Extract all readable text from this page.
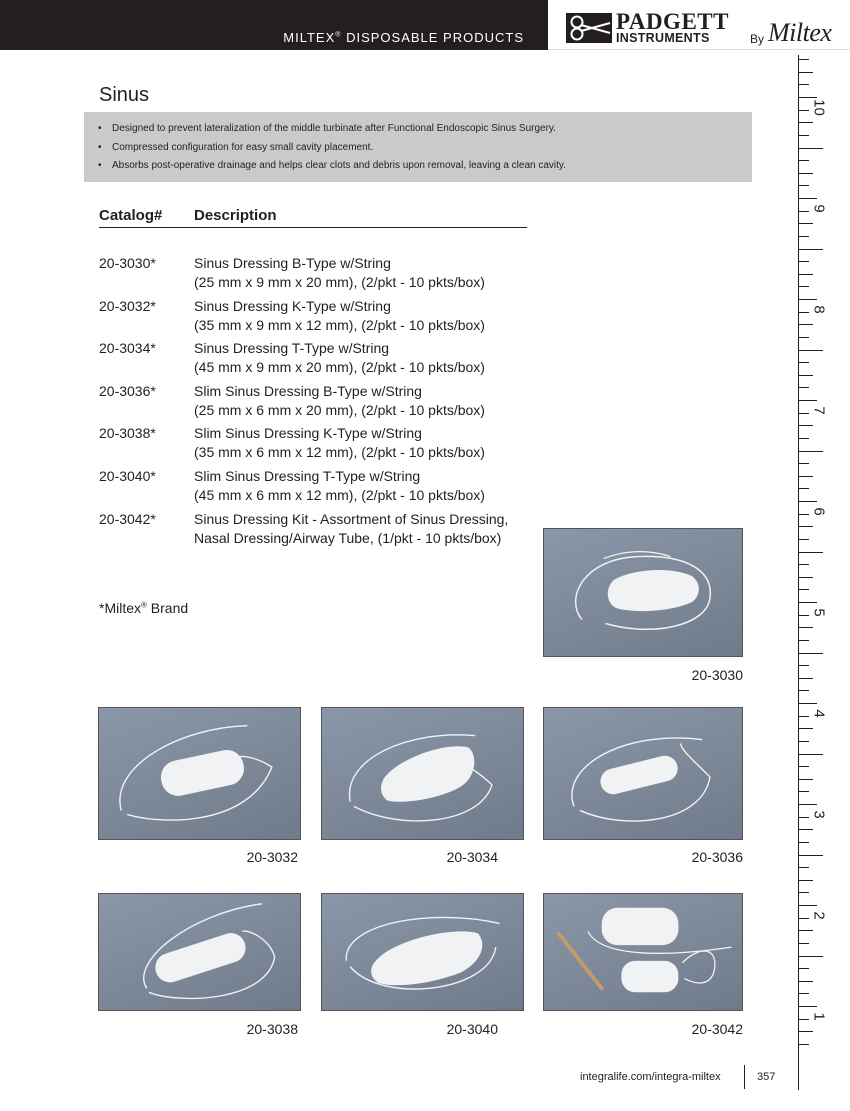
MILTEX® DISPOSABLE PRODUCTS
PADGETT
INSTRUMENTS	By Miltex
10
9
8
7
6
5
4
3
2
1
Sinus
• Designed to prevent lateralization of the middle turbinate after Functional Endoscopic Sinus Surgery.
• Compressed configuration for easy small cavity placement.
• Absorbs post-operative drainage and helps clear clots and debris upon removal, leaving a clean cavity.
Catalog# Description
20-3030*	Sinus Dressing B-Type w/String
(25 mm x 9 mm x 20 mm), (2/pkt - 10 pkts/box)
20-3032*	Sinus Dressing K-Type w/String
(35 mm x 9 mm x 12 mm), (2/pkt - 10 pkts/box)
20-3034*	Sinus Dressing T-Type w/String
(45 mm x 9 mm x 20 mm), (2/pkt - 10 pkts/box)
20-3036*	Slim Sinus Dressing B-Type w/String
(25 mm x 6 mm x 20 mm), (2/pkt - 10 pkts/box)
20-3038*	Slim Sinus Dressing K-Type w/String
(35 mm x 6 mm x 12 mm), (2/pkt - 10 pkts/box)
20-3040*	Slim Sinus Dressing T-Type w/String
(45 mm x 6 mm x 12 mm), (2/pkt - 10 pkts/box)
20-3042*	Sinus Dressing Kit - Assortment of Sinus Dressing,
Nasal Dressing/Airway Tube, (1/pkt - 10 pkts/box)
*Miltex® Brand
20-3030
20-3032	20-3034	20-3036
20-3038	20-3040	20-3042
integralife.com/integra-miltex	357
